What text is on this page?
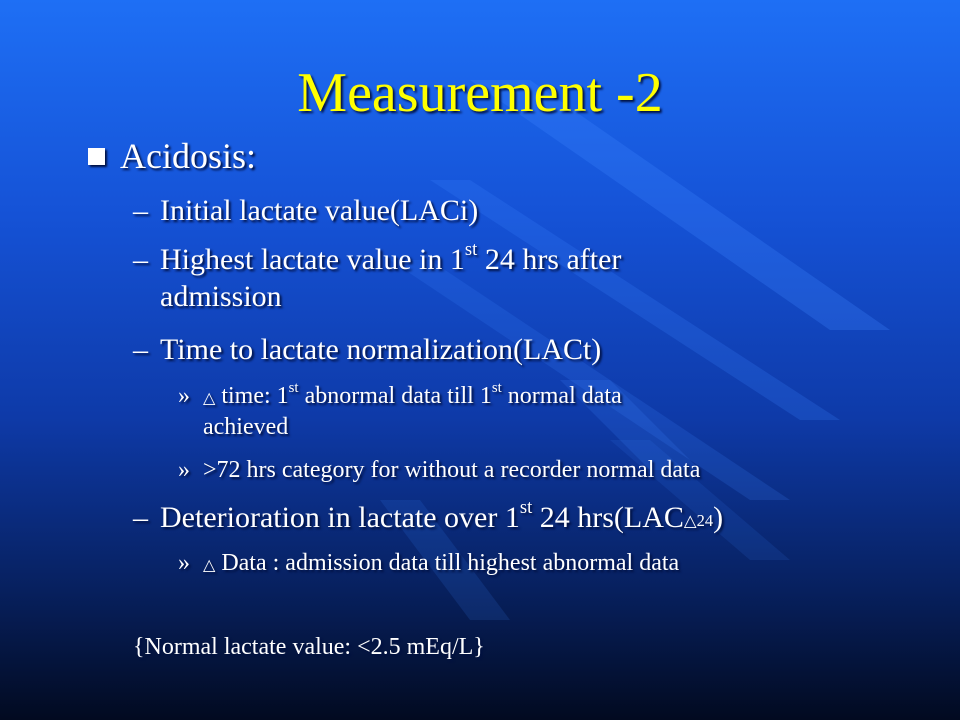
Measurement -2
Acidosis:
– Initial lactate value(LACi)
– Highest lactate value in 1st 24 hrs after
admission
– Time to lactate normalization(LACt)
» △ time: 1st abnormal data till 1st normal data
achieved
» >72 hrs category for without a recorder normal data
– Deterioration in lactate over 1st 24 hrs(LAC△24)
» △ Data : admission data till highest abnormal data
{Normal lactate value: <2.5 mEq/L}
